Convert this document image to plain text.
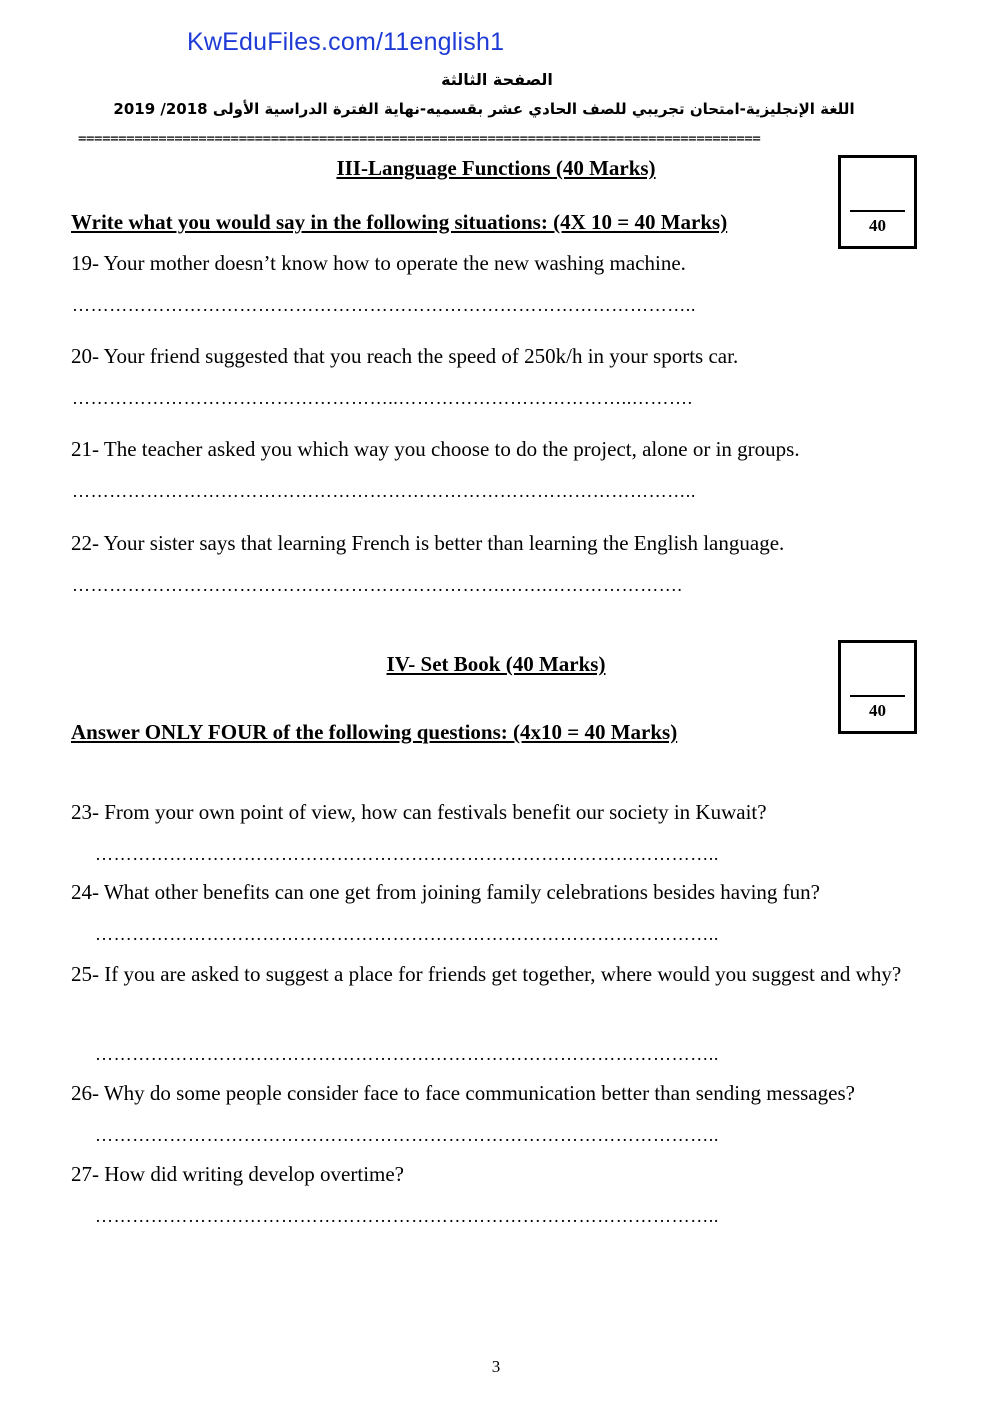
KwEduFiles.com/11english1
الصفحة الثالثة
اللغة الإنجليزية-امتحان تجريبي للصف الحادي عشر بقسميه-نهاية الفترة الدراسية الأولى 2018/ 2019
=====================================================================================
III-Language Functions (40 Marks)
40
Write what you would say in the following situations: (4X 10 = 40 Marks)
19- Your mother doesn’t know how to operate the new washing machine.
………………………………………………………………………………………..
20- Your friend suggested that you reach the speed of 250k/h in your sports car.
……………………………………………..………………………………..……….
21- The teacher asked you which way you choose to do the project, alone or in groups.
………………………………………………………………………………………..
22- Your sister says that learning French is better than learning the English language.
…………………………………………………………….…….………………….
IV- Set Book (40 Marks)
40
Answer ONLY FOUR of the following questions: (4x10 = 40 Marks)
23- From your own point of view, how can festivals benefit our society in Kuwait?
………………………………………………………………………………………..
24- What other benefits can one get from joining family celebrations besides having fun?
………………………………………………………………………………………..
25- If you are asked to suggest a place for friends get together, where would you suggest and why?
………………………………………………………………………………………..
26- Why do some people consider face to face communication better than sending messages?
………………………………………………………………………………………..
27- How did writing develop overtime?
………………………………………………………………………………………..
3
